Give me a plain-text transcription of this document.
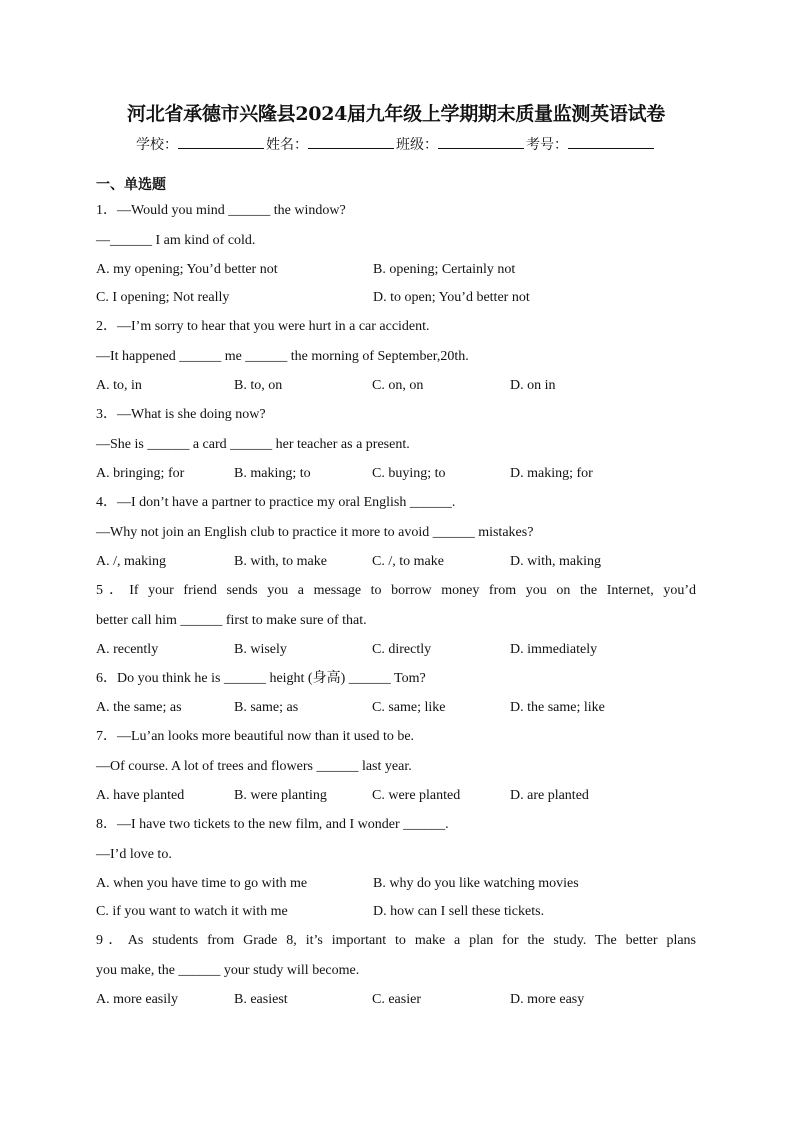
河北省承德市兴隆县2024届九年级上学期期末质量监测英语试卷
学校：	姓名：	班级：	考号：
一、单选题
1．—Would you mind ______ the window?
—______ I am kind of cold.
A. my opening; You’d better not	B. opening; Certainly not
C. I opening; Not really	D. to open; You’d better not
2．—I’m sorry to hear that you were hurt in a car accident.
—It happened ______ me ______ the morning of September,20th.
A. to, in	B. to, on	C. on, on	D. on in
3．—What is she doing now?
—She is ______ a card ______ her teacher as a present.
A. bringing; for	B. making; to	C. buying; to	D. making; for
4．—I don’t have a partner to practice my oral English ______.
—Why not join an English club to practice it more to avoid ______ mistakes?
A. /, making	B. with, to make	C. /, to make	D. with, making
5．If your friend sends you a message to borrow money from you on the Internet, you’d
better call him ______ first to make sure of that.
A. recently	B. wisely	C. directly	D. immediately
6．Do you think he is ______ height (身高) ______ Tom?
A. the same; as	B. same; as	C. same; like	D. the same; like
7．—Lu’an looks more beautiful now than it used to be.
—Of course. A lot of trees and flowers ______ last year.
A. have planted	B. were planting	C. were planted	D. are planted
8．—I have two tickets to the new film, and I wonder ______.
—I’d love to.
A. when you have time to go with me	B. why do you like watching movies
C. if you want to watch it with me	D. how can I sell these tickets.
9．As students from Grade 8, it’s important to make a plan for the study. The better plans
you make, the ______ your study will become.
A. more easily	B. easiest	C. easier	D. more easy
